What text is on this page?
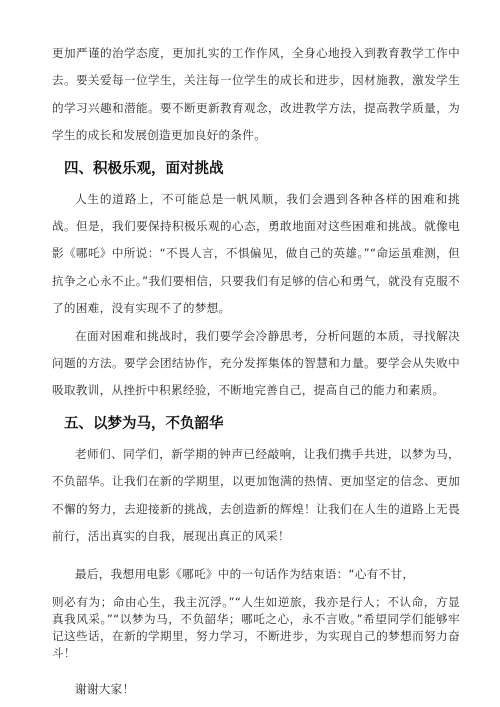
更加严谨的治学态度，更加扎实的工作作风，全身心地投入到教育教学工作中去。要关爱每一位学生，关注每一位学生的成长和进步，因材施教，激发学生的学习兴趣和潜能。要不断更新教育观念，改进教学方法，提高教学质量，为学生的成长和发展创造更加良好的条件。

四、积极乐观，面对挑战

人生的道路上，不可能总是一帆风顺，我们会遇到各种各样的困难和挑战。但是，我们要保持积极乐观的心态，勇敢地面对这些困难和挑战。就像电影《哪吒》中所说：“不畏人言，不惧偏见，做自己的英雄。”“命运虽难测，但抗争之心永不止。”我们要相信，只要我们有足够的信心和勇气，就没有克服不了的困难，没有实现不了的梦想。

在面对困难和挑战时，我们要学会冷静思考，分析问题的本质，寻找解决问题的方法。要学会团结协作，充分发挥集体的智慧和力量。要学会从失败中吸取教训，从挫折中积累经验，不断地完善自己，提高自己的能力和素质。

五、以梦为马，不负韶华

老师们、同学们，新学期的钟声已经敲响，让我们携手共进，以梦为马，不负韶华。让我们在新的学期里，以更加饱满的热情、更加坚定的信念、更加不懈的努力，去迎接新的挑战，去创造新的辉煌！让我们在人生的道路上无畏前行，活出真实的自我，展现出真正的风采！

最后，我想用电影《哪吒》中的一句话作为结束语：“心有不甘，

则必有为；命由心生，我主沉浮。”“人生如逆旅，我亦是行人；不认命，方显真我风采。”“以梦为马，不负韶华；哪吒之心，永不言败。”希望同学们能够牢记这些话，在新的学期里，努力学习，不断进步，为实现自己的梦想而努力奋斗！

谢谢大家！
